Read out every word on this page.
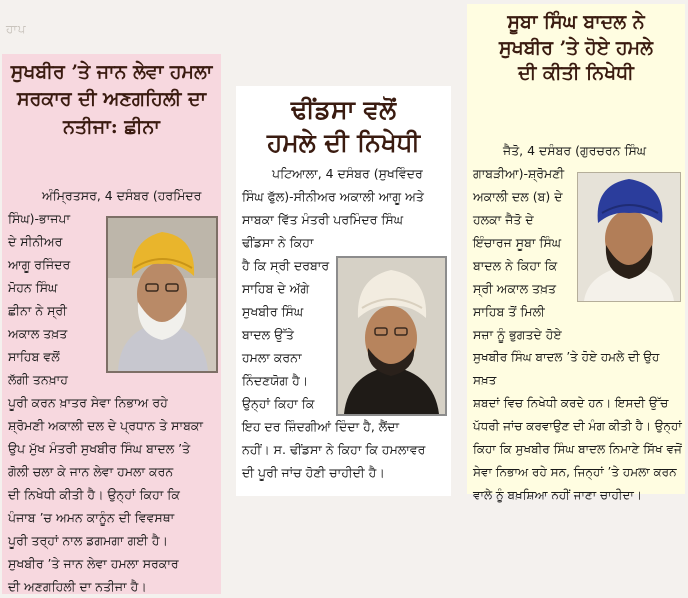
ਹਾਪ
ਸੁਖਬੀਰ ’ਤੇ ਜਾਨ ਲੇਵਾ ਹਮਲਾ
ਸਰਕਾਰ ਦੀ ਅਣਗਹਿਲੀ ਦਾ
ਨਤੀਜਾ: ਛੀਨਾ
ਅੰਮ੍ਰਿਤਸਰ, 4 ਦਸੰਬਰ (ਹਰਮਿੰਦਰ
ਸਿੰਘ)-ਭਾਜਪਾ
ਦੇ ਸੀਨੀਅਰ
ਆਗੂ ਰਜਿੰਦਰ
ਮੋਹਨ ਸਿੰਘ
ਛੀਨਾ ਨੇ ਸ੍ਰੀ
ਅਕਾਲ ਤਖ਼ਤ
ਸਾਹਿਬ ਵਲੋਂ
ਲੱਗੀ ਤਨਖ਼ਾਹ
ਪੂਰੀ ਕਰਨ ਖ਼ਾਤਰ ਸੇਵਾ ਨਿਭਾਅ ਰਹੇ
ਸ਼੍ਰੋਮਣੀ ਅਕਾਲੀ ਦਲ ਦੇ ਪ੍ਰਧਾਨ ਤੇ ਸਾਬਕਾ
ਉਪ ਮੁੱਖ ਮੰਤਰੀ ਸੁਖਬੀਰ ਸਿੰਘ ਬਾਦਲ ’ਤੇ
ਗੋਲੀ ਚਲਾ ਕੇ ਜਾਨ ਲੇਵਾ ਹਮਲਾ ਕਰਨ
ਦੀ ਨਿਖੇਧੀ ਕੀਤੀ ਹੈ। ਉਨ੍ਹਾਂ ਕਿਹਾ ਕਿ
ਪੰਜਾਬ ’ਚ ਅਮਨ ਕਾਨੂੰਨ ਦੀ ਵਿਵਸਥਾ
ਪੂਰੀ ਤਰ੍ਹਾਂ ਨਾਲ ਡਗਮਗਾ ਗਈ ਹੈ।
ਸੁਖਬੀਰ ’ਤੇ ਜਾਨ ਲੇਵਾ ਹਮਲਾ ਸਰਕਾਰ
ਦੀ ਅਣਗਹਿਲੀ ਦਾ ਨਤੀਜਾ ਹੈ।
ਢੀਂਡਸਾ ਵਲੋਂ
ਹਮਲੇ ਦੀ ਨਿਖੇਧੀ
ਪਟਿਆਲਾ, 4 ਦਸੰਬਰ (ਸੁਖਵਿੰਦਰ
ਸਿੰਘ ਫੁੱਲ)-ਸੀਨੀਅਰ ਅਕਾਲੀ ਆਗੂ ਅਤੇ
ਸਾਬਕਾ ਵਿੱਤ ਮੰਤਰੀ ਪਰਮਿੰਦਰ ਸਿੰਘ
ਢੀਂਡਸਾ ਨੇ ਕਿਹਾ
ਹੈ ਕਿ ਸ੍ਰੀ ਦਰਬਾਰ
ਸਾਹਿਬ ਦੇ ਅੱਗੇ
ਸੁਖਬੀਰ ਸਿੰਘ
ਬਾਦਲ ਉੱਤੇ
ਹਮਲਾ ਕਰਨਾ
ਨਿੰਦਣਯੋਗ ਹੈ।
ਉਨ੍ਹਾਂ ਕਿਹਾ ਕਿ
ਇਹ ਦਰ ਜ਼ਿੰਦਗੀਆਂ ਦਿੰਦਾ ਹੈ, ਲੈਂਦਾ
ਨਹੀਂ। ਸ. ਢੀਂਡਸਾ ਨੇ ਕਿਹਾ ਕਿ ਹਮਲਾਵਰ
ਦੀ ਪੂਰੀ ਜਾਂਚ ਹੋਣੀ ਚਾਹੀਦੀ ਹੈ।
ਸੂਬਾ ਸਿੰਘ ਬਾਦਲ ਨੇ
ਸੁਖਬੀਰ ’ਤੇ ਹੋਏ ਹਮਲੇ
ਦੀ ਕੀਤੀ ਨਿਖੇਧੀ
ਜੈਤੋ, 4 ਦਸੰਬਰ (ਗੁਰਚਰਨ ਸਿੰਘ
ਗਾਬੜੀਆ)-ਸ਼੍ਰੋਮਣੀ
ਅਕਾਲੀ ਦਲ (ਬ) ਦੇ
ਹਲਕਾ ਜੈਤੋ ਦੇ
ਇੰਚਾਰਜ ਸੂਬਾ ਸਿੰਘ
ਬਾਦਲ ਨੇ ਕਿਹਾ ਕਿ
ਸ੍ਰੀ ਅਕਾਲ ਤਖ਼ਤ
ਸਾਹਿਬ ਤੋਂ ਮਿਲੀ
ਸਜ਼ਾ ਨੂੰ ਭੁਗਤਦੇ ਹੋਏ
ਸੁਖਬੀਰ ਸਿੰਘ ਬਾਦਲ ’ਤੇ ਹੋਏ ਹਮਲੇ ਦੀ ਉਹ ਸਖ਼ਤ
ਸ਼ਬਦਾਂ ਵਿਚ ਨਿਖੇਧੀ ਕਰਦੇ ਹਨ। ਇਸਦੀ ਉੱਚ
ਪੱਧਰੀ ਜਾਂਚ ਕਰਵਾਉਣ ਦੀ ਮੰਗ ਕੀਤੀ ਹੈ। ਉਨ੍ਹਾਂ
ਕਿਹਾ ਕਿ ਸੁਖਬੀਰ ਸਿੰਘ ਬਾਦਲ ਨਿਮਾਣੇ ਸਿੱਖ ਵਜੋਂ
ਸੇਵਾ ਨਿਭਾਅ ਰਹੇ ਸਨ, ਜਿਨ੍ਹਾਂ ’ਤੇ ਹਮਲਾ ਕਰਨ
ਵਾਲੇ ਨੂੰ ਬਖ਼ਸ਼ਿਆ ਨਹੀਂ ਜਾਣਾ ਚਾਹੀਦਾ।
